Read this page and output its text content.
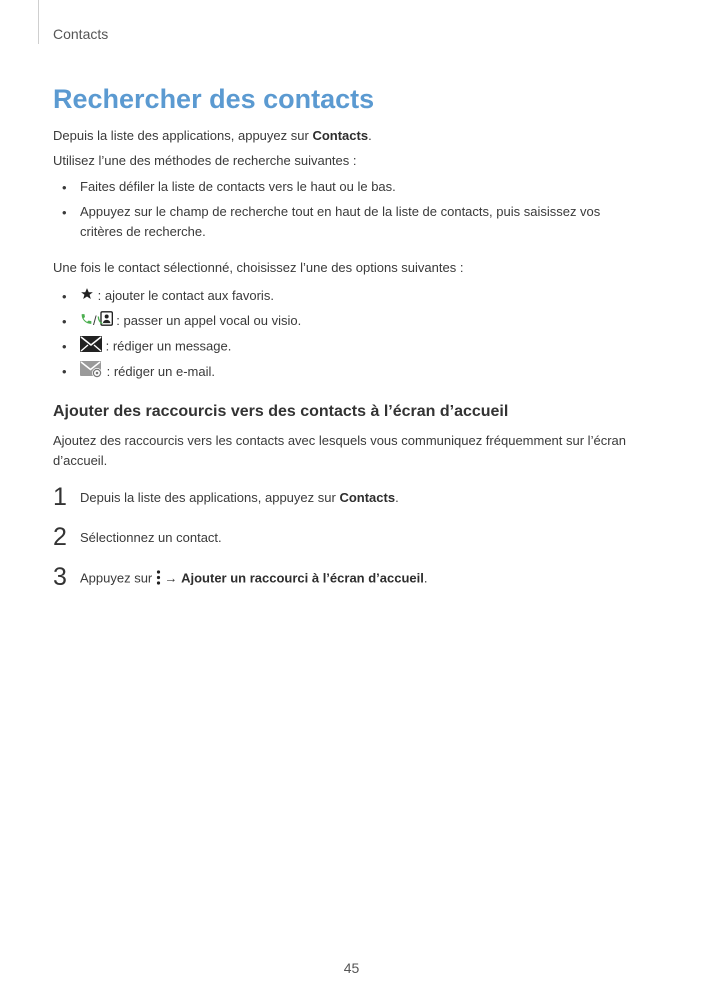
Contacts
Rechercher des contacts
Depuis la liste des applications, appuyez sur Contacts.
Utilisez l’une des méthodes de recherche suivantes :
• Faites défiler la liste de contacts vers le haut ou le bas.
• Appuyez sur le champ de recherche tout en haut de la liste de contacts, puis saisissez vos critères de recherche.
Une fois le contact sélectionné, choisissez l’une des options suivantes :
•	: ajouter le contact aux favoris.
•	/ : passer un appel vocal ou visio.
•	: rédiger un message.
•	: rédiger un e-mail.
Ajouter des raccourcis vers des contacts à l’écran d’accueil
Ajoutez des raccourcis vers les contacts avec lesquels vous communiquez fréquemment sur l’écran d’accueil.
1 Depuis la liste des applications, appuyez sur Contacts.
2 Sélectionnez un contact.
3 Appuyez sur  → Ajouter un raccourci à l’écran d’accueil.
45
